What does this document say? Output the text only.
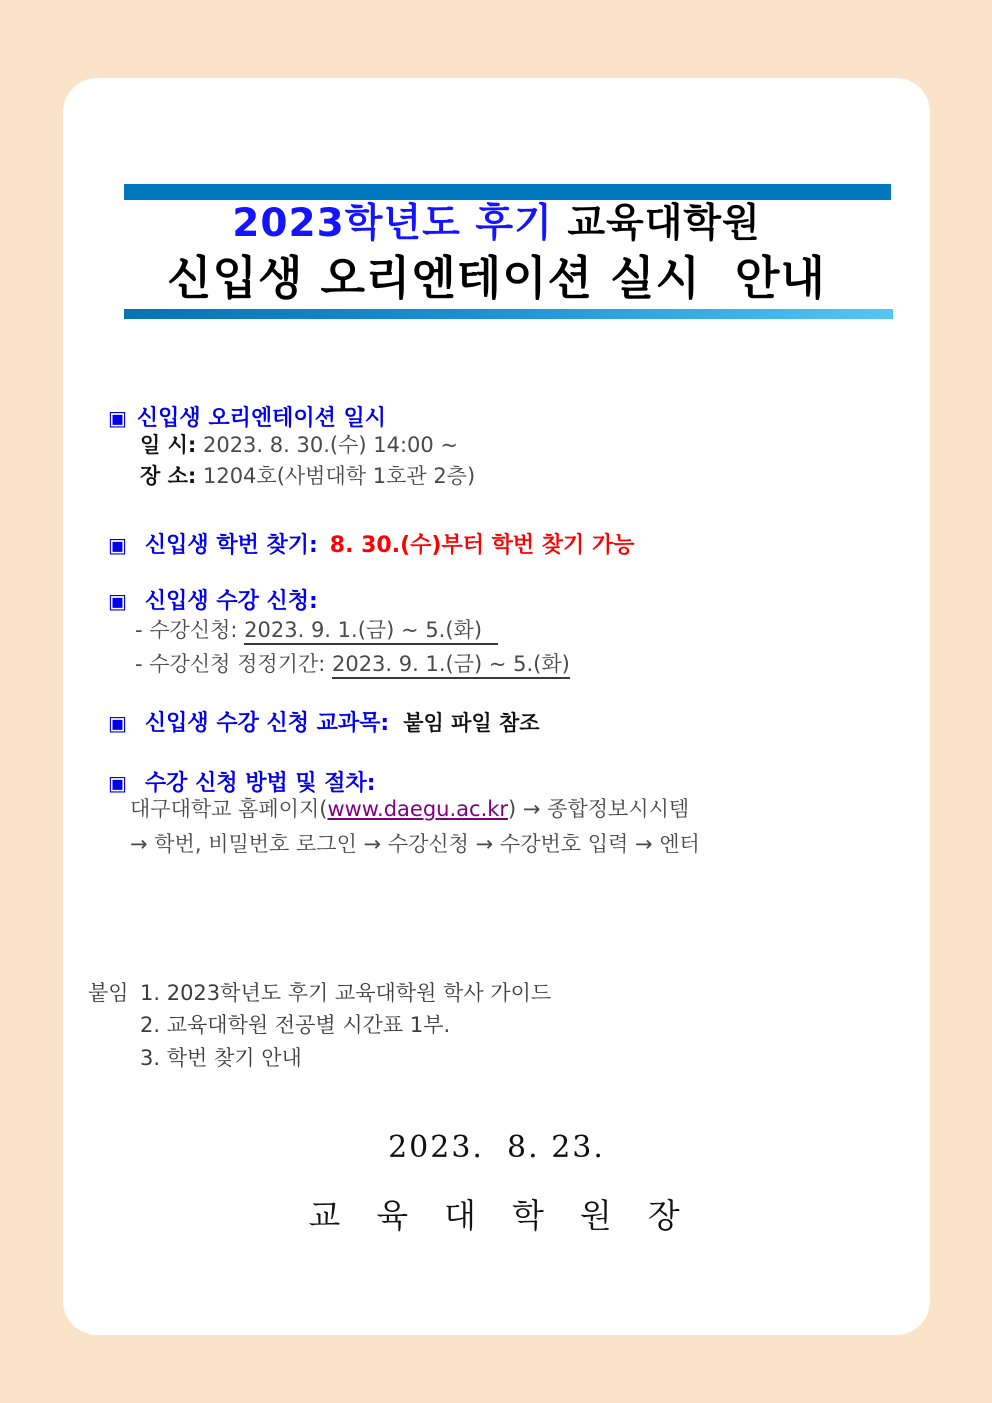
2023학년도 후기 교육대학원
신입생 오리엔테이션 실시  안내
▣ 신입생 오리엔테이션 일시
일 시: 2023. 8. 30.(수) 14:00 ~
장 소: 1204호(사범대학 1호관 2층)
▣ 신입생 학번 찾기: 8. 30.(수)부터 학번 찾기 가능
▣ 신입생 수강 신청:
- 수강신청: 2023. 9. 1.(금) ~ 5.(화)
- 수강신청 정정기간: 2023. 9. 1.(금) ~ 5.(화)
▣ 신입생 수강 신청 교과목: 붙임 파일 참조
▣ 수강 신청 방법 및 절차:
대구대학교 홈페이지(www.daegu.ac.kr) → 종합정보시시템
→ 학번, 비밀번호 로그인 → 수강신청 → 수강번호 입력 → 엔터
붙임 1. 2023학년도 후기 교육대학원 학사 가이드
2. 교육대학원 전공별 시간표 1부.
3. 학번 찾기 안내
2023.  8. 23.
교  육  대  학  원  장
